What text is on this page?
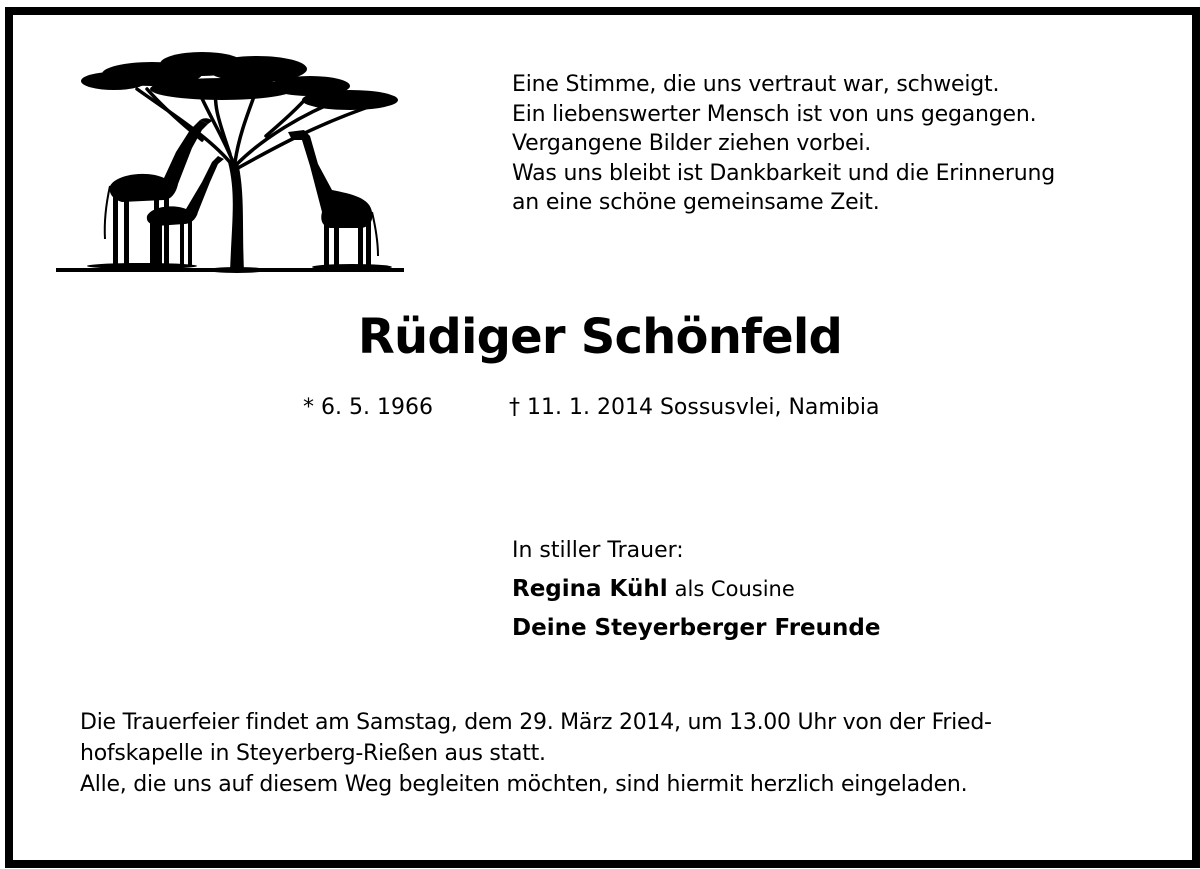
Eine Stimme, die uns vertraut war, schweigt.
Ein liebenswerter Mensch ist von uns gegangen.
Vergangene Bilder ziehen vorbei.
Was uns bleibt ist Dankbarkeit und die Erinnerung
an eine schöne gemeinsame Zeit.
Rüdiger Schönfeld
* 6. 5. 1966	† 11. 1. 2014 Sossusvlei, Namibia
In stiller Trauer:
Regina Kühl als Cousine
Deine Steyerberger Freunde
Die Trauerfeier findet am Samstag, dem 29. März 2014, um 13.00 Uhr von der Fried-
hofskapelle in Steyerberg-Rießen aus statt.
Alle, die uns auf diesem Weg begleiten möchten, sind hiermit herzlich eingeladen.
